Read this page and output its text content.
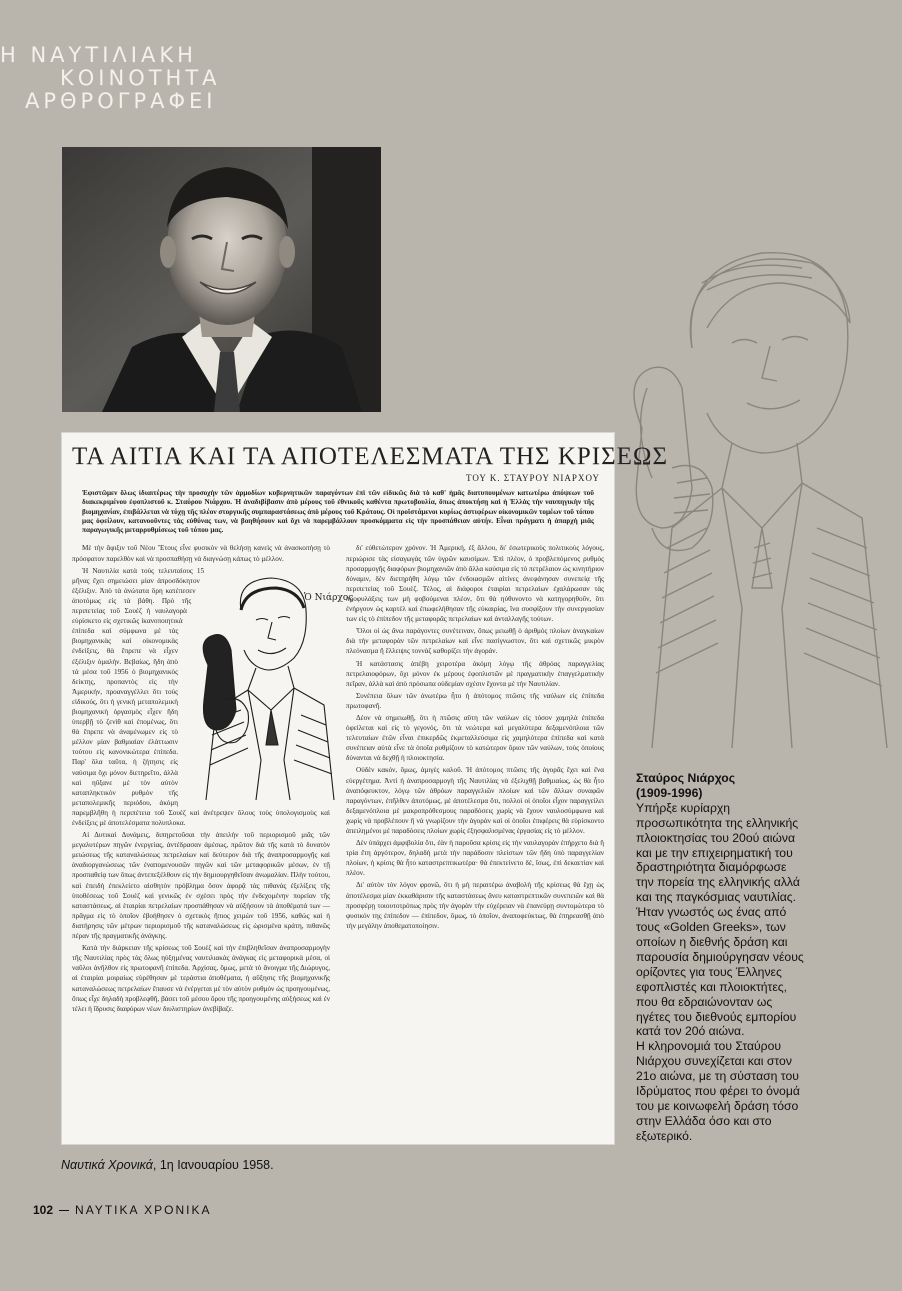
Η ΝΑΥΤΙΛΙΑΚΗ
ΚΟΙΝΟΤΗΤΑ
ΑΡΘΡΟΓΡΑΦΕΙ
ΤΑ ΑΙΤΙΑ ΚΑΙ ΤΑ ΑΠΟΤΕΛΕΣΜΑΤΑ ΤΗΣ ΚΡΙΣΕΩΣ
ΤΟΥ Κ. ΣΤΑΥΡΟΥ ΝΙΑΡΧΟΥ
Ἐφιστῶμεν ὅλως ἰδιαιτέρως τὴν προσοχὴν τῶν ἀρμοδίων κυβερνητικῶν παραγόντων ἐπὶ τῶν εἰδικῶς διὰ τὸ καθ' ἡμᾶς διατυπουμένων κατωτέρω ἀπόψεων τοῦ διακεκριμένου ἐφοπλιστοῦ κ. Σταύρου Νιάρχου. Ἡ ἀναδιβίβασιν ἀπὸ μέρους τοῦ ἐθνικοῦς καθέντα πρωτοβουλία, ὅπως ἀποκτήσῃ καὶ ἡ Ἑλλὰς τὴν ναυπηγικὴν τῆς βιομηχανίαν, ἐπιβάλλεται νὰ τύχῃ τῆς πλέον στοργικῆς συμπαραστάσεως ἀπὸ μέρους τοῦ Κράτους. Οἱ προϊστάμενοι κυρίως ἀστιφέρων οἰκονομικῶν τομέων τοῦ τόπου μας ὀφείλουν, κατανοοῦντες τὰς εὐθύνας των, νὰ βοηθήσουν καὶ ὄχι νὰ παρεμβάλλουν προσκόμματα εἰς τὴν προσπάθειαν αὐτήν. Εἶναι πράγματι ἡ ἀπαρχὴ μιᾶς παραγωγικῆς μεταρρυθμίσεως τοῦ τόπου μας.

Μὲ τὴν ἄφιξιν τοῦ Νέου Ἔτους εἶνε φυσικὸν νὰ θελήσῃ κανεὶς νὰ ἀνασκοπήσῃ τὸ πρόσφατον παρελθὸν καὶ νὰ προσπαθήσῃ νὰ διαγνώσῃ κάπως τὸ μέλλον.

Ὁ Νιάρχος

Ἡ Ναυτιλία κατὰ τοὺς τελευταίους 15 μῆνας ἔχει σημειώσει μίαν ἀπροσδόκητον ἐξέλιξιν. Ἀπὸ τὰ ἀνώτατα ὅρη κατέπεσεν ἀποτόμως εἰς τὰ βάθη. Πρὸ τῆς περιπετείας τοῦ Σουὲζ ἡ ναυλαγορὰ εὑρίσκετο εἰς σχετικῶς ἱκανοποιητικὰ ἐπίπεδα καὶ σύμφωνα μὲ τὰς βιομηχανικὰς καὶ οἰκονομικὰς ἐνδείξεις, θὰ ἔπρεπε νὰ εἶχεν ἐξέλιξιν ὁμαλήν. Βεβαίως, ἤδη ἀπὸ τὰ μέσα τοῦ 1956 ὁ βιομηχανικὸς δείκτης, προπαντὸς εἰς τὴν Ἀμερικήν, προαναγγέλλει ὅτι τοὺς εἰδικούς, ὅτι ἡ γενικὴ μεταπολεμικὴ βιομηχανικὴ ὀργασμὸς εἶχεν ἤδη ὑπερβῇ τὸ ζενὶθ καὶ ἑπομένως, ὅτι θὰ ἔπρεπε νὰ ἀναμένωμεν εἰς τὸ μέλλον μίαν βαθμιαίαν ἐλάττωσιν τούτου εἰς κανονικώτερα ἐπίπεδα. Παρ' ὅλα ταῦτα, ἡ ζήτησις εἰς ναύσιμα ὄχι μόνον διετηρεῖτο, ἀλλὰ καὶ ηὔξανε μὲ τὸν αὐτὸν καταπληκτικὸν ρυθμὸν τῆς μεταπολεμικῆς περιόδου, ἀκόμη παρεμβλῆθη ἡ περιπέτεια τοῦ Σουὲζ καὶ ἀνέτρεψεν ὅλους τοὺς ὑπολογισμοὺς καὶ ἐνδείξεις μὲ ἀποτελέσματα πολυπλοκα.

Αἱ Δυτικαὶ Δυνάμεις, διπηρετοῦσαι τὴν ἀπειλὴν τοῦ περιορισμοῦ μιᾶς τῶν μεγαλυτέρων πηγῶν ἐνεργείας, ἀντέδρασαν ἀμέσως, πρῶτον διὰ τῆς κατὰ τὸ δυνατὸν μειώσεως τῆς καταναλώσεως πετρελαίων καὶ δεύτερον διὰ τῆς ἀναπροσαρμογῆς καὶ ἀναδιοργανώσεως τῶν ἐναπομενουσῶν πηγῶν καὶ τῶν μεταφορικῶν μέσων, ἐν τῇ προσπαθείᾳ των ὅπως ἀντεπεξέλθουν εἰς τὴν δημιουργηθεῖσαν ἀνωμαλίαν. Πλὴν τούτου, καὶ ἐπειδὴ ἐπεκλείετο αἰσθητὸν πρόβλημα ὅσον ἀφορᾷ τὰς πιθανὰς ἐξελίξεις τῆς ὑποθέσεως τοῦ Σουὲζ καὶ γενικῶς ἐν σχέσει πρὸς τὴν ἐνδεχομένην πορείαν τῆς καταστάσεως, αἱ ἑταιρίαι πετρελαίων προσπάθησαν νὰ αὐξήσουν τὰ ἀποθέματά των — πρᾶγμα εἰς τὸ ὁποῖον ἐβοήθησεν ὁ σχετικὸς ἤπιος χειμὼν τοῦ 1956, καθὼς καὶ ἡ διατήρησις τῶν μέτρων περιορισμοῦ τῆς καταναλώσεως εἰς ὡρισμένα κράτη, πιθανῶς πέραν τῆς πραγματικῆς ἀνάγκης.

Κατὰ τὴν διάρκειαν τῆς κρίσεως τοῦ Σουὲζ καὶ τὴν ἐπιβληθεῖσαν ἀναπροσαρμογὴν τῆς Ναυτιλίας πρὸς τὰς ὅλως ηὐξημένας ναυτιλιακὰς ἀνάγκας εἰς μεταφορικὰ μέσα, οἱ ναῦλοι ἀνῆλθον εἰς πρωτοφανῆ ἐπίπεδα. Ἀρχίσας, ὅμως, μετὰ τὸ ἄνοιγμα τῆς Διώρυγος, αἱ ἑταιρίαι μοιραίως εὑρέθησαν μὲ τεράστια ἀποθέματα, ἡ αὔξησις τῆς βιομηχανικῆς καταναλώσεως πετρελαίων ἔπαυσε νὰ ἐνέργεται μὲ τὸν αὐτὸν ρυθμὸν ὡς προηγουμένως, ὅπως εἶχε δηλαδὴ προβλεφθῆ, βάσει τοῦ μέσου ὅρου τῆς προηγουμένης αὐξήσεως καὶ ἐν τέλει ἡ ἵδρυσις διαφόρων νέων διυλιστηρίων ἀνεβίβαζε.

δι' εὐθετώτερον χρόνον. Ἡ Ἀμερική, ἐξ ἄλλου, δι' ἐσωτερικοὺς πολιτικοὺς λόγους, περιώρισε τὰς εἰσαγωγὰς τῶν ὑγρῶν καυσίμων. Ἐπὶ πλέον, ὁ προβλεπόμενος ρυθμὸς προσαρμογῆς διαφόρων βιομηχανιῶν ἀπὸ ἄλλα καύσιμα εἰς τὸ πετρέλαιον ὡς κινητήριον δύναμιν, δὲν διετηρήθη λόγῳ τῶν ἐνδοιασμῶν αἰτίνες ἀνεφάνησαν συνεπείᾳ τῆς περιπετείας τοῦ Σουὲζ. Τέλος, αἱ διάφοροι ἑταιρίαι πετρελαίων ἐχαλάρωσαν τὰς προφυλάξεις των μὴ φοβούμεναι πλέον, ὅτι θὰ ηὐθυνοντο νὰ κατηγορηθοῦν, ὅτι ἐνήργουν ὡς καρτὲλ καὶ ἐπωφελήθησαν τῆς εὐκαιρίας, ἵνα συσφίξουν τὴν συνεργασίαν των εἰς τὸ ἐπίπεδον τῆς μεταφορᾶς πετρελαίων καὶ ἀνταλλαγῆς τούτων.

Ὅλοι οἱ ὡς ἄνω παράγοντες συνέτειναν, ὅπως μειωθῇ ὁ ἀριθμὸς πλοίων ἀναγκαίων διὰ τὴν μεταφορὰν τῶν πετρελαίων καὶ εἶνε πασίγνωστον, ὅτι καὶ σχετικῶς μικρὸν πλεόνασμα ἢ ἔλλειψις τοννὰζ καθορίζει τὴν ἀγοράν.

Ἡ κατάστασις ἀπέβη χειροτέρα ἀκόμη λόγῳ τῆς ἀθρόας παραγγελίας πετρελαιοφόρων, ὄχι μόνον ἐκ μέρους ἐφοπλιστῶν μὲ πραγματικὴν ἐπαγγελματικὴν πεῖραν, ἀλλὰ καὶ ἀπὸ πρόσωπα οὐδεμίαν σχέσιν ἔχοντα μὲ τὴν Ναυτιλίαν.

Συνέπεια ὅλων τῶν ἀνωτέρω ἦτο ἡ ἀπότομος πτῶσις τῆς ναύλων εἰς ἐπίπεδα πρωτοφανῆ.

Δέον νὰ σημειωθῇ, ὅτι ἡ πτῶσις αὕτη τῶν ναύλων εἰς τόσον χαμηλὰ ἐπίπεδα ὀφείλεται καὶ εἰς τὸ γεγονός, ὅτι τὰ νεώτερα καὶ μεγαλύτερα δεξαμενόπλοια τῶν τελευταίων ἐτῶν εἶναι ἐπικερδῶς ἐκμεταλλεύσιμα εἰς χαμηλότερα ἐπίπεδα καὶ κατὰ συνέπειαν αὐτὰ εἶνε τὰ ὁποῖα ρυθμίζουν τὸ κατώτερον ὅριον τῶν ναύλων, τοὺς ὁποίους δύνανται νὰ δεχθῇ ἡ πλοιοκτησία.

Οὐδὲν κακόν, ὅμως, ἀμιγὲς καλοῦ. Ἡ ἀπότομος πτῶσις τῆς ἀγορᾶς ἔχει καὶ ἕνα εὐεργέτημα. Ἀντὶ ἡ ἀναπροσαρμογὴ τῆς Ναυτιλίας νὰ ἐξελιχθῇ βαθμιαίως, ὡς θὰ ἦτο ἀναπόφευκτον, λόγῳ τῶν ἀθρόων παραγγελιῶν πλοίων καὶ τῶν ἄλλων συναφῶν παραγόντων, ἐπῆλθεν ἀποτόμως, μὲ ἀποτέλεσμα ὅτι, πολλοὶ οἱ ὁποῖοι εἶχον παραγγείλει δεξαμενόπλοια μὲ μακροπρόθεσμους παραδόσεις χωρὶς νὰ ἔχουν ναυλοσύμφωνα καὶ χωρὶς νὰ προβλέπουν ἢ νὰ γνωρίζουν τὴν ἀγορὰν καὶ οἱ ὁποῖοι ἐπιφέρεις θὰ εὑρίσκοντο ἀπειλημένοι μὲ παραδόσεις πλοίων χωρὶς ἐξησφαλισμένας ἐργασίας εἰς τὸ μέλλον.

Δὲν ὑπάρχει ἀμφιβολία ὅτι, ἐὰν ἡ παροῦσα κρίσις εἰς τὴν ναυλαγορὰν ἐπήρχετο διὰ ἢ τρία ἔτη ἀργότερον, δηλαδὴ μετὰ τὴν παράδοσιν πλείστων τῶν ἤδη ὑπὸ παραγγελίαν πλοίων, ἡ κρίσις θὰ ἦτο καταστρεπτικωτέρα· θὰ ἐπεκτείνετο δέ, ἴσως, ἐπὶ δεκαετίαν καὶ πλέον.

Δι' αὐτὸν τὸν λόγον φρονῶ, ὅτι ἡ μὴ περαιτέρω ἀναβολὴ τῆς κρίσεως θὰ ἔχῃ ὡς ἀποτέλεσμα μίαν ἐκκαθάρισιν τῆς καταστάσεως ἄνευ καταστρεπτικῶν συνεπειῶν καὶ θὰ προσφέρῃ τοιουτοτρόπως πρὸς τὴν ἀγορὰν τὴν εὐχέρειαν νὰ ἐπανεύρῃ συντομώτερα τὸ φυσικόν της ἐπίπεδον — ἐπίπεδον, ὅμως, τὸ ὁποῖον, ἀναποφεύκτως, θὰ ἐπηρεασθῇ ἀπὸ τὴν μεγάλην ἀποθεματοποίησιν.

Ναυτικά Χρονικά, 1η Ιανουαρίου 1958.
Σταύρος Νιάρχος
(1909-1996)
Υπήρξε κυρίαρχη προσωπικότητα της ελληνικής πλοιοκτησίας του 20ού αιώνα και με την επιχειρηματική του δραστηριότητα διαμόρφωσε την πορεία της ελληνικής αλλά και της παγκόσμιας ναυτιλίας. Ήταν γνωστός ως ένας από τους «Golden Greeks», των οποίων η διεθνής δράση και παρουσία δημιούργησαν νέους ορίζοντες για τους Έλληνες εφοπλιστές και πλοιοκτήτες, που θα εδραιώνονταν ως ηγέτες του διεθνούς εμπορίου κατά τον 20ό αιώνα.
Η κληρονομιά του Σταύρου Νιάρχου συνεχίζεται και στον 21ο αιώνα, με τη σύσταση του Ιδρύματος που φέρει το όνομά του με κοινωφελή δράση τόσο στην Ελλάδα όσο και στο εξωτερικό.
102 ΝΑΥΤΙΚΑ ΧΡΟΝΙΚΑ
